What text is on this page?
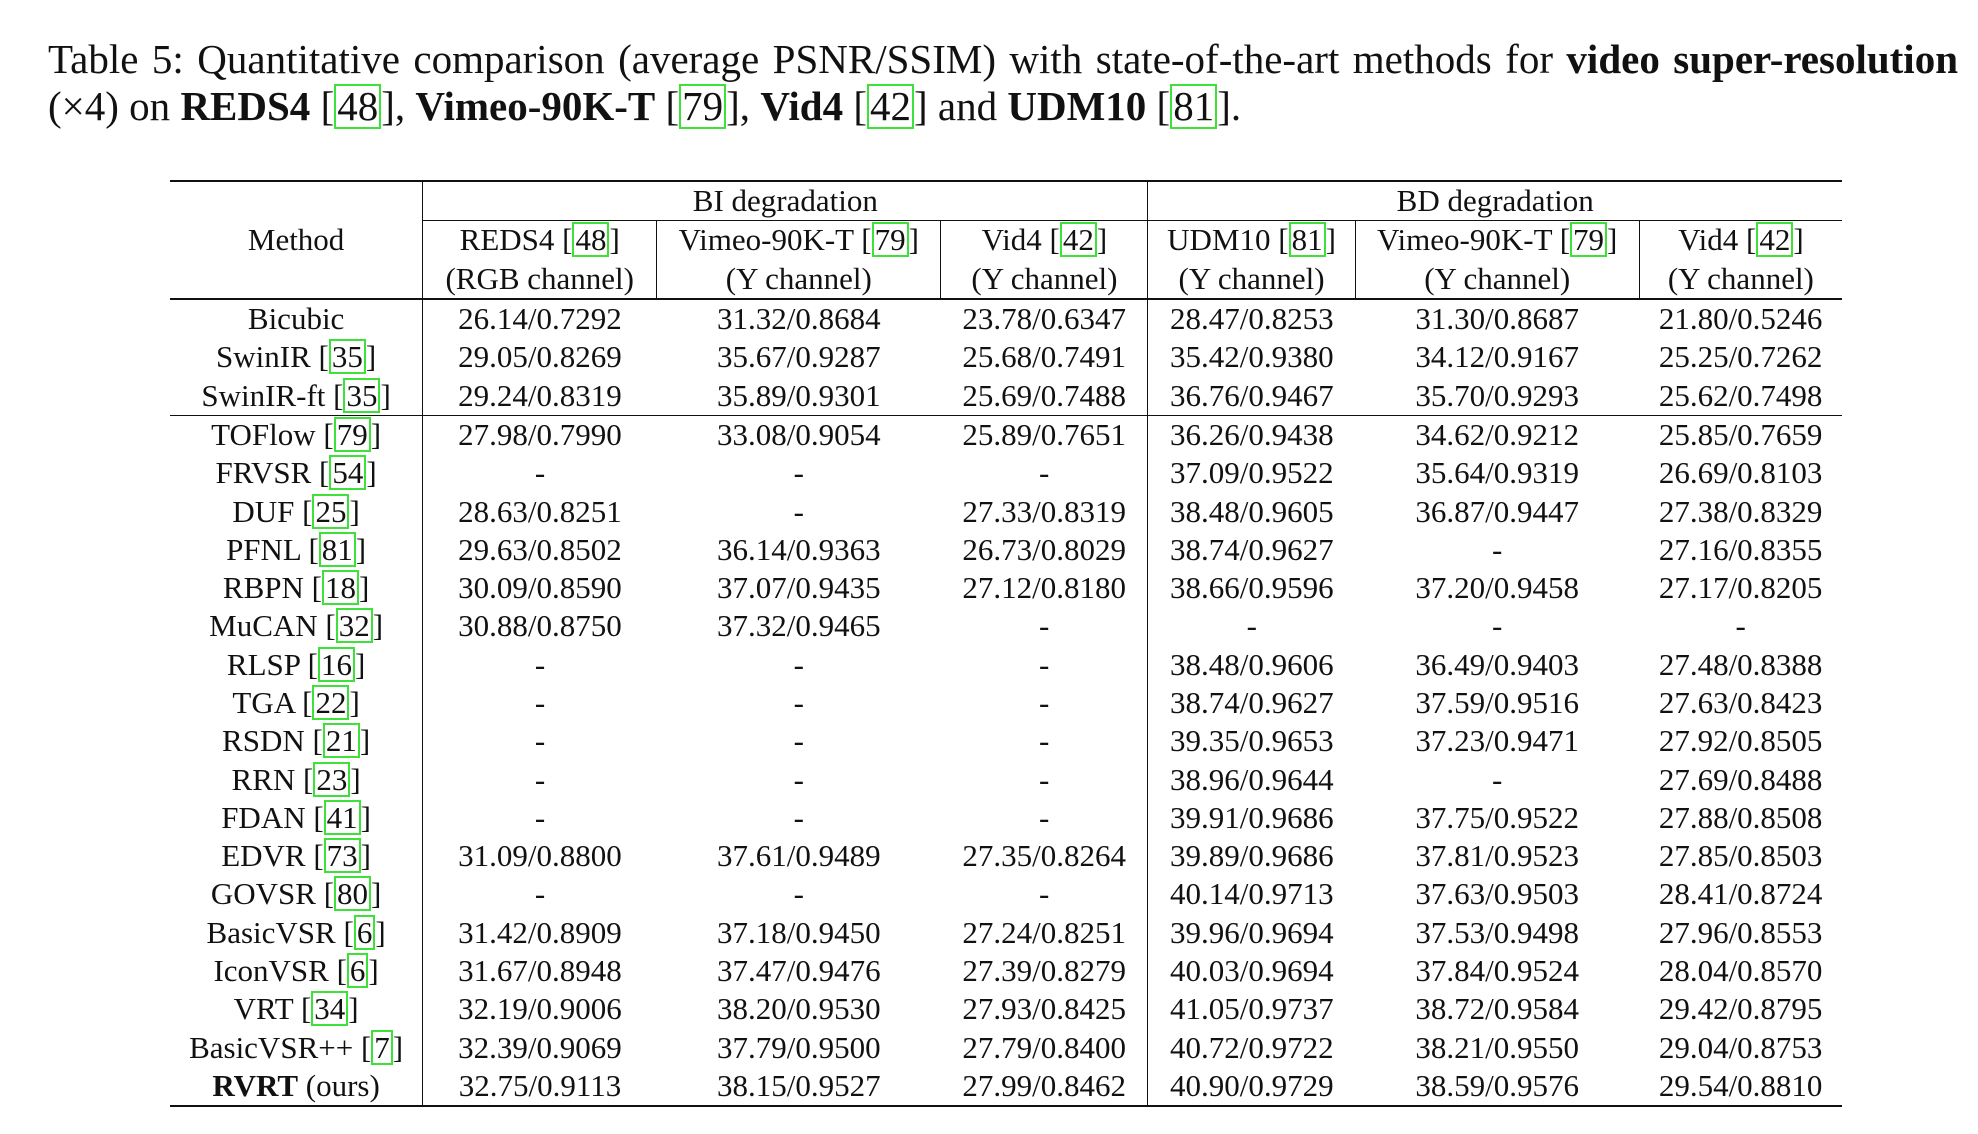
Table 5: Quantitative comparison (average PSNR/SSIM) with state-of-the-art methods for video super-resolution (×4) on REDS4 [48], Vimeo-90K-T [79], Vid4 [42] and UDM10 [81].
Method	BI degradation			BD degradation		
	REDS4 [48]	Vimeo-90K-T [79]	Vid4 [42]	UDM10 [81]	Vimeo-90K-T [79]	Vid4 [42]
	(RGB channel)	(Y channel)	(Y channel)	(Y channel)	(Y channel)	(Y channel)
Bicubic	26.14/0.7292	31.32/0.8684	23.78/0.6347	28.47/0.8253	31.30/0.8687	21.80/0.5246
SwinIR [35]	29.05/0.8269	35.67/0.9287	25.68/0.7491	35.42/0.9380	34.12/0.9167	25.25/0.7262
SwinIR-ft [35]	29.24/0.8319	35.89/0.9301	25.69/0.7488	36.76/0.9467	35.70/0.9293	25.62/0.7498
TOFlow [79]	27.98/0.7990	33.08/0.9054	25.89/0.7651	36.26/0.9438	34.62/0.9212	25.85/0.7659
FRVSR [54]	-	-	-	37.09/0.9522	35.64/0.9319	26.69/0.8103
DUF [25]	28.63/0.8251	-	27.33/0.8319	38.48/0.9605	36.87/0.9447	27.38/0.8329
PFNL [81]	29.63/0.8502	36.14/0.9363	26.73/0.8029	38.74/0.9627	-	27.16/0.8355
RBPN [18]	30.09/0.8590	37.07/0.9435	27.12/0.8180	38.66/0.9596	37.20/0.9458	27.17/0.8205
MuCAN [32]	30.88/0.8750	37.32/0.9465	-	-	-	-
RLSP [16]	-	-	-	38.48/0.9606	36.49/0.9403	27.48/0.8388
TGA [22]	-	-	-	38.74/0.9627	37.59/0.9516	27.63/0.8423
RSDN [21]	-	-	-	39.35/0.9653	37.23/0.9471	27.92/0.8505
RRN [23]	-	-	-	38.96/0.9644	-	27.69/0.8488
FDAN [41]	-	-	-	39.91/0.9686	37.75/0.9522	27.88/0.8508
EDVR [73]	31.09/0.8800	37.61/0.9489	27.35/0.8264	39.89/0.9686	37.81/0.9523	27.85/0.8503
GOVSR [80]	-	-	-	40.14/0.9713	37.63/0.9503	28.41/0.8724
BasicVSR [6]	31.42/0.8909	37.18/0.9450	27.24/0.8251	39.96/0.9694	37.53/0.9498	27.96/0.8553
IconVSR [6]	31.67/0.8948	37.47/0.9476	27.39/0.8279	40.03/0.9694	37.84/0.9524	28.04/0.8570
VRT [34]	32.19/0.9006	38.20/0.9530	27.93/0.8425	41.05/0.9737	38.72/0.9584	29.42/0.8795
BasicVSR++ [7]	32.39/0.9069	37.79/0.9500	27.79/0.8400	40.72/0.9722	38.21/0.9550	29.04/0.8753
RVRT (ours)	32.75/0.9113	38.15/0.9527	27.99/0.8462	40.90/0.9729	38.59/0.9576	29.54/0.8810
